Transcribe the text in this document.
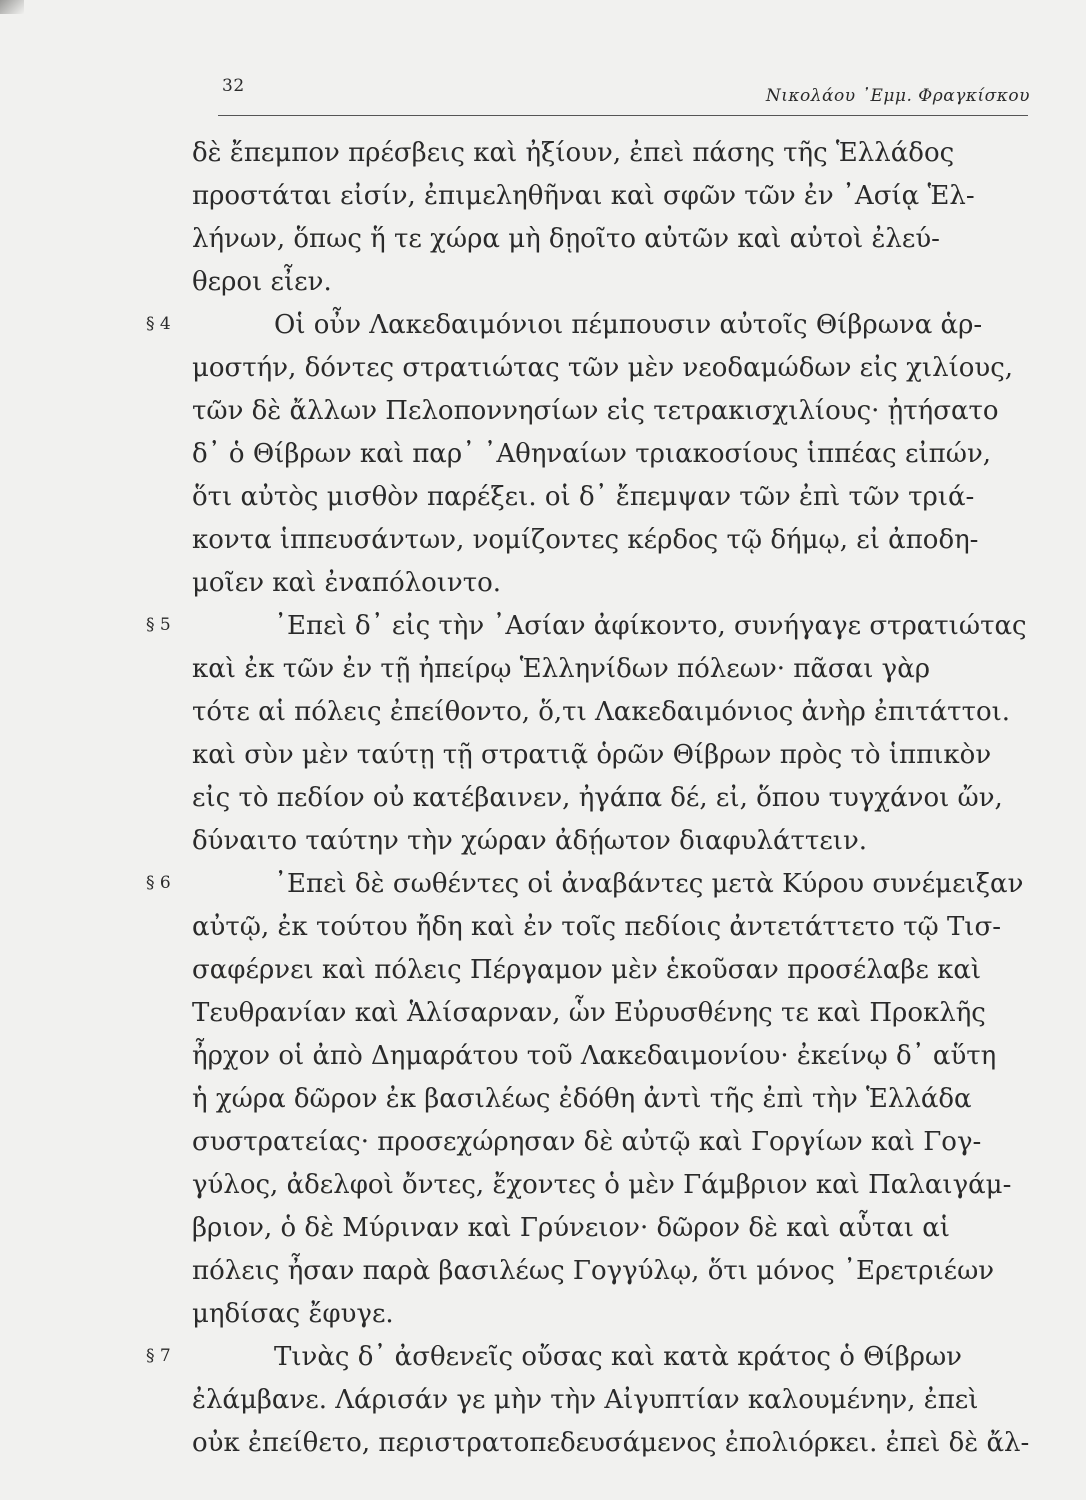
32	Νικολάου ᾿Εμμ. Φραγκίσκου
δὲ ἔπεμπον πρέσβεις καὶ ἠξίουν, ἐπεὶ πάσης τῆς Ἑλλάδος
προστάται εἰσίν, ἐπιμεληθῆναι καὶ σφῶν τῶν ἐν ᾿Ασίᾳ Ἑλ-
λήνων, ὅπως ἥ τε χώρα μὴ δῃοῖτο αὐτῶν καὶ αὐτοὶ ἐλεύ-
θεροι εἶεν.
§ 4	Οἱ οὖν Λακεδαιμόνιοι πέμπουσιν αὐτοῖς Θίβρωνα ἁρ-
μοστήν, δόντες στρατιώτας τῶν μὲν νεοδαμώδων εἰς χιλίους,
τῶν δὲ ἄλλων Πελοποννησίων εἰς τετρακισχιλίους· ᾐτήσατο
δ᾿ ὁ Θίβρων καὶ παρ᾿ ᾿Αθηναίων τριακοσίους ἱππέας εἰπών,
ὅτι αὐτὸς μισθὸν παρέξει. οἱ δ᾿ ἔπεμψαν τῶν ἐπὶ τῶν τριά-
κοντα ἱππευσάντων, νομίζοντες κέρδος τῷ δήμῳ, εἰ ἀποδη-
μοῖεν καὶ ἐναπόλοιντο.
§ 5	᾿Επεὶ δ᾿ εἰς τὴν ᾿Ασίαν ἀφίκοντο, συνήγαγε στρατιώτας
καὶ ἐκ τῶν ἐν τῇ ἠπείρῳ Ἑλληνίδων πόλεων· πᾶσαι γὰρ
τότε αἱ πόλεις ἐπείθοντο, ὅ,τι Λακεδαιμόνιος ἀνὴρ ἐπιτάττοι.
καὶ σὺν μὲν ταύτῃ τῇ στρατιᾷ ὁρῶν Θίβρων πρὸς τὸ ἱππικὸν
εἰς τὸ πεδίον οὐ κατέβαινεν, ἠγάπα δέ, εἰ, ὅπου τυγχάνοι ὤν,
δύναιτο ταύτην τὴν χώραν ἀδῄωτον διαφυλάττειν.
§ 6	᾿Επεὶ δὲ σωθέντες οἱ ἀναβάντες μετὰ Κύρου συνέμειξαν
αὐτῷ, ἐκ τούτου ἤδη καὶ ἐν τοῖς πεδίοις ἀντετάττετο τῷ Τισ-
σαφέρνει καὶ πόλεις Πέργαμον μὲν ἑκοῦσαν προσέλαβε καὶ
Τευθρανίαν καὶ Ἁλίσαρναν, ὧν Εὐρυσθένης τε καὶ Προκλῆς
ἦρχον οἱ ἀπὸ Δημαράτου τοῦ Λακεδαιμονίου· ἐκείνῳ δ᾿ αὕτη
ἡ χώρα δῶρον ἐκ βασιλέως ἐδόθη ἀντὶ τῆς ἐπὶ τὴν Ἑλλάδα
συστρατείας· προσεχώρησαν δὲ αὐτῷ καὶ Γοργίων καὶ Γογ-
γύλος, ἀδελφοὶ ὄντες, ἔχοντες ὁ μὲν Γάμβριον καὶ Παλαιγάμ-
βριον, ὁ δὲ Μύριναν καὶ Γρύνειον· δῶρον δὲ καὶ αὗται αἱ
πόλεις ἦσαν παρὰ βασιλέως Γογγύλῳ, ὅτι μόνος ᾿Ερετριέων
μηδίσας ἔφυγε.
§ 7	Τινὰς δ᾿ ἀσθενεῖς οὔσας καὶ κατὰ κράτος ὁ Θίβρων
ἐλάμβανε. Λάρισάν γε μὴν τὴν Αἰγυπτίαν καλουμένην, ἐπεὶ
οὐκ ἐπείθετο, περιστρατοπεδευσάμενος ἐπολιόρκει. ἐπεὶ δὲ ἄλ-
